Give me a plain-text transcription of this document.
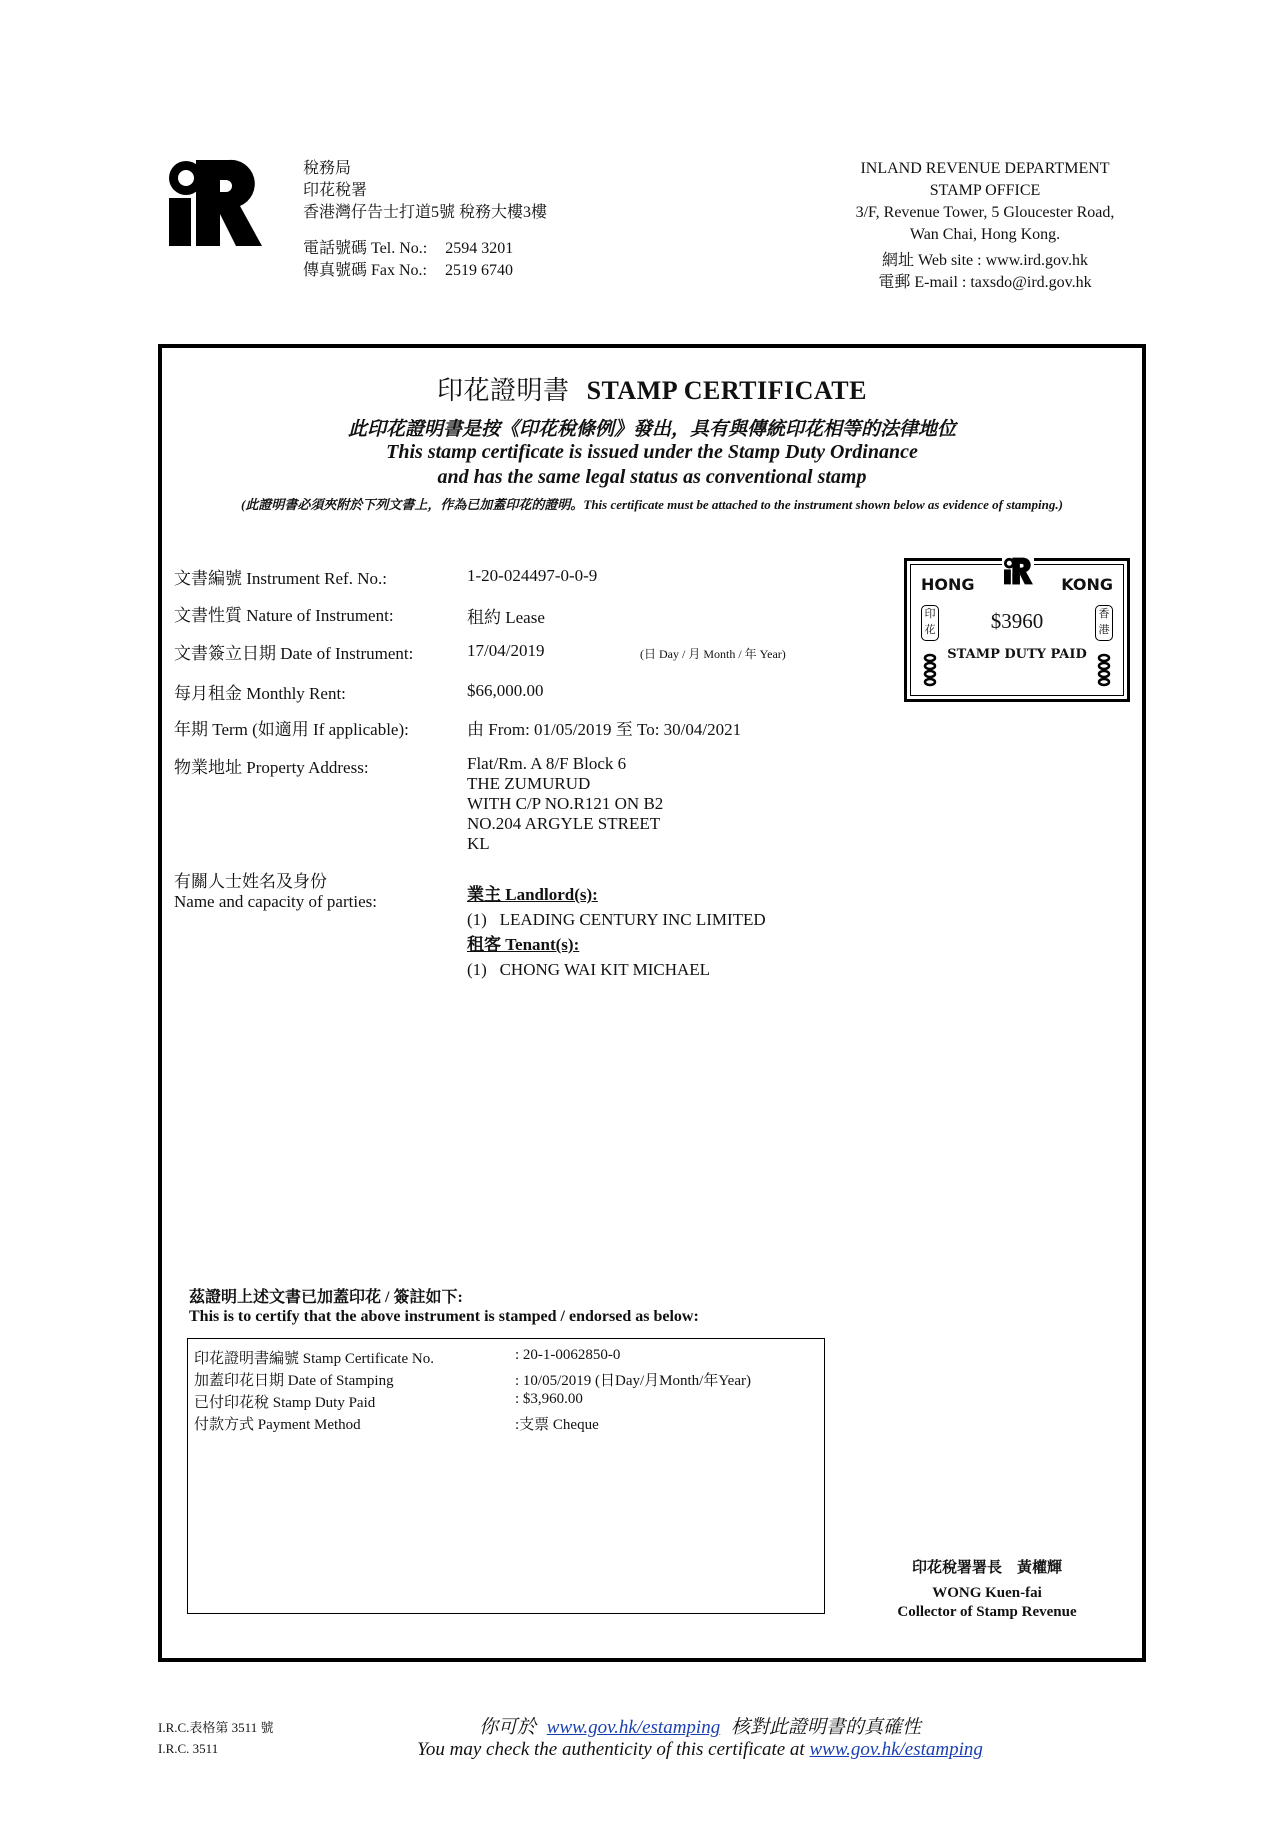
稅務局
印花稅署
香港灣仔告士打道5號 稅務大樓3樓
電話號碼 Tel. No.: 2594 3201
傳真號碼 Fax No.: 2519 6740
INLAND REVENUE DEPARTMENT
STAMP OFFICE
3/F, Revenue Tower, 5 Gloucester Road,
Wan Chai, Hong Kong.
網址 Web site : www.ird.gov.hk
電郵 E-mail : taxsdo@ird.gov.hk
印花證明書 STAMP CERTIFICATE
此印花證明書是按《印花稅條例》發出，具有與傳統印花相等的法律地位
This stamp certificate is issued under the Stamp Duty Ordinance
and has the same legal status as conventional stamp
(此證明書必須夾附於下列文書上，作為已加蓋印花的證明。This certificate must be attached to the instrument shown below as evidence of stamping.)
文書編號 Instrument Ref. No.:	1-20-024497-0-0-9
文書性質 Nature of Instrument:	租約 Lease
文書簽立日期 Date of Instrument:	17/04/2019	(日 Day / 月 Month / 年 Year)
每月租金 Monthly Rent:	$66,000.00
年期 Term (如適用 If applicable):	由 From: 01/05/2019 至 To: 30/04/2021
物業地址 Property Address:	Flat/Rm. A 8/F Block 6
THE ZUMURUD
WITH C/P NO.R121 ON B2
NO.204 ARGYLE STREET
KL
有關人士姓名及身份
Name and capacity of parties:	業主 Landlord(s):
(1)   LEADING CENTURY INC LIMITED
租客 Tenant(s):
(1)   CHONG WAI KIT MICHAEL
HONG	KONG
$3960
STAMP DUTY PAID
印花
香港
茲證明上述文書已加蓋印花 / 簽註如下:
This is to certify that the above instrument is stamped / endorsed as below:
印花證明書編號 Stamp Certificate No.	: 20-1-0062850-0
加蓋印花日期 Date of Stamping	: 10/05/2019 (日Day/月Month/年Year)
已付印花稅 Stamp Duty Paid	: $3,960.00
付款方式 Payment Method	:支票 Cheque
印花稅署署長    黃權輝
WONG Kuen-fai
Collector of Stamp Revenue
I.R.C.表格第 3511 號
I.R.C. 3511
你可於 www.gov.hk/estamping 核對此證明書的真確性
You may check the authenticity of this certificate at www.gov.hk/estamping
